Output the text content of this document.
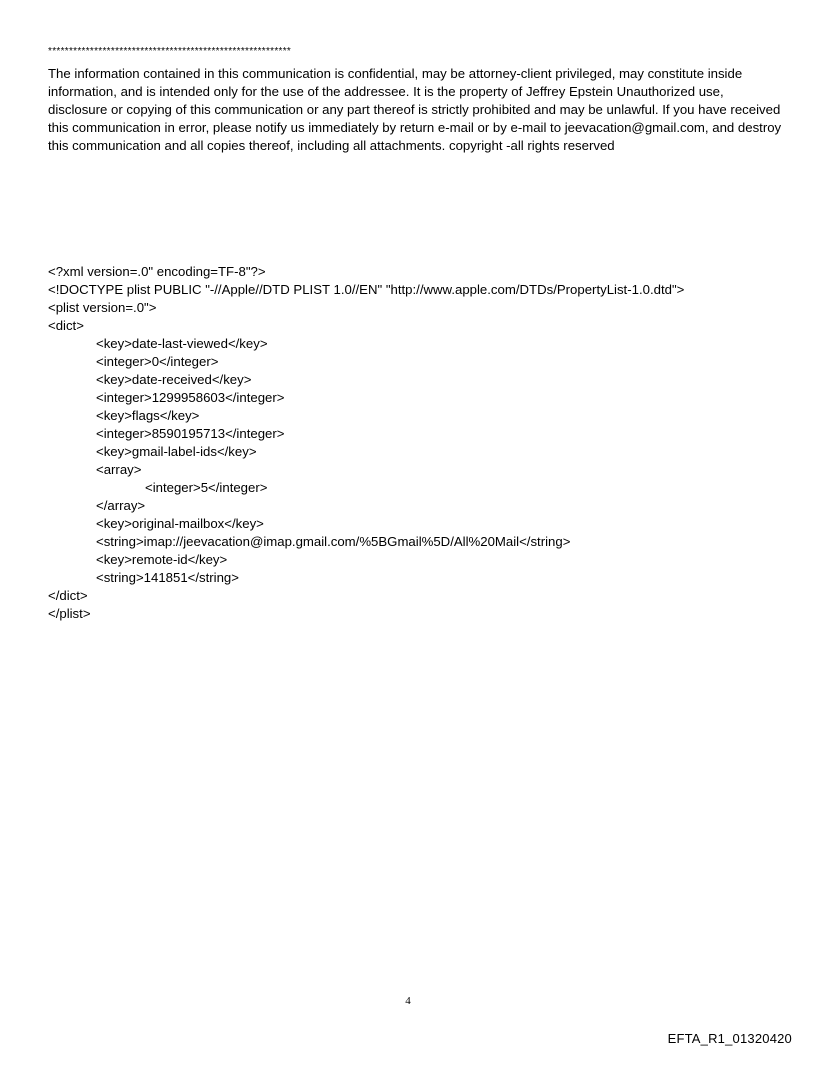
**********************************************************

The information contained in this communication is confidential, may be attorney-client privileged, may constitute inside information, and is intended only for the use of the addressee. It is the property of Jeffrey Epstein Unauthorized use, disclosure or copying of this communication or any part thereof is strictly prohibited and may be unlawful. If you have received this communication in error, please notify us immediately by return e-mail or by e-mail to jeevacation@gmail.com, and destroy this communication and all copies thereof, including all attachments. copyright -all rights reserved

<?xml version=.0" encoding=TF-8"?>
<!DOCTYPE plist PUBLIC "-//Apple//DTD PLIST 1.0//EN" "http://www.apple.com/DTDs/PropertyList-1.0.dtd">
<plist version=.0">
<dict>
<key>date-last-viewed</key>
<integer>0</integer>
<key>date-received</key>
<integer>1299958603</integer>
<key>flags</key>
<integer>8590195713</integer>
<key>gmail-label-ids</key>
<array>
<integer>5</integer>
</array>
<key>original-mailbox</key>
<string>imap://jeevacation@imap.gmail.com/%5BGmail%5D/All%20Mail</string>
<key>remote-id</key>
<string>141851</string>
</dict>
</plist>
4
EFTA_R1_01320420
